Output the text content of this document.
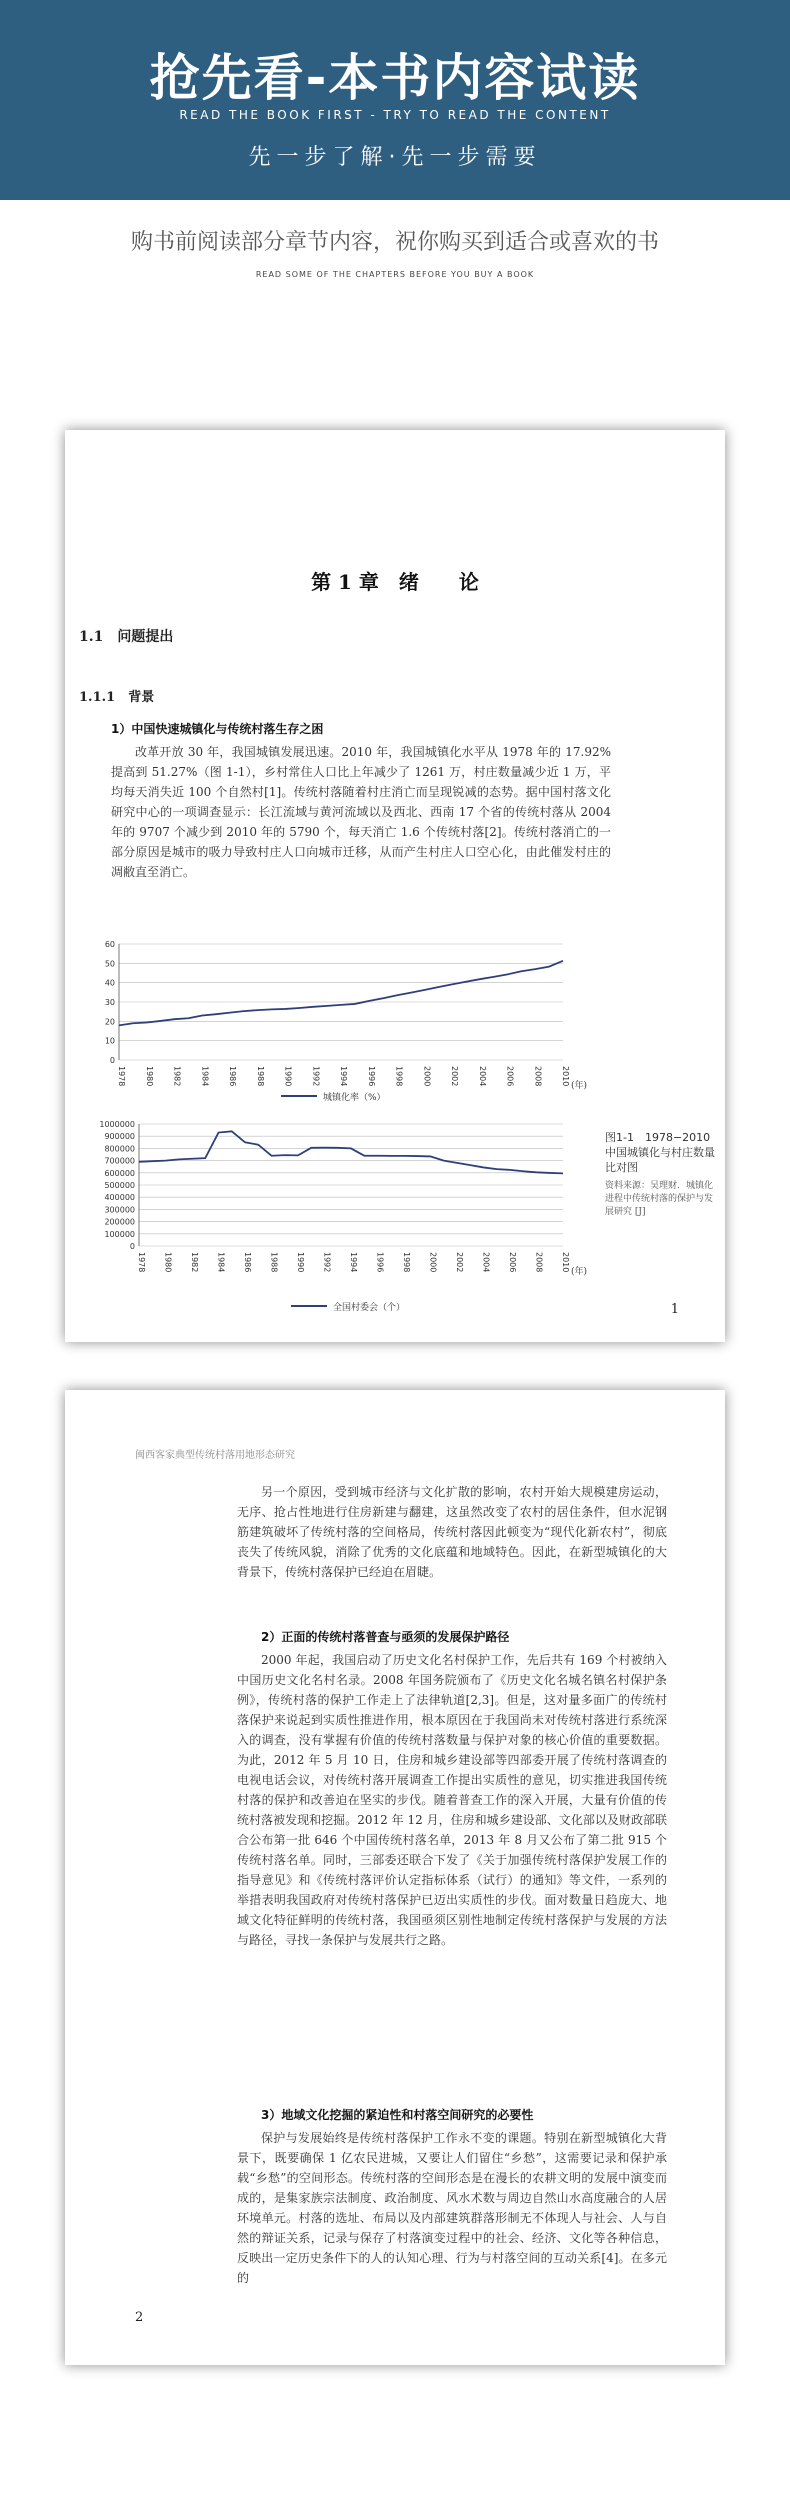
抢先看-本书内容试读
READ THE BOOK FIRST - TRY TO READ THE CONTENT
先一步了解·先一步需要
购书前阅读部分章节内容，祝你购买到适合或喜欢的书
READ SOME OF THE CHAPTERS BEFORE YOU BUY A BOOK
第 1 章　绪　　论
1.1　问题提出
1.1.1　背景
1）中国快速城镇化与传统村落生存之困
改革开放 30 年，我国城镇发展迅速。2010 年，我国城镇化水平从 1978 年的 17.92% 提高到 51.27%（图 1-1），乡村常住人口比上年减少了 1261 万，村庄数量减少近 1 万，平均每天消失近 100 个自然村[1]。传统村落随着村庄消亡而呈现锐减的态势。据中国村落文化研究中心的一项调查显示：长江流域与黄河流域以及西北、西南 17 个省的传统村落从 2004 年的 9707 个减少到 2010 年的 5790 个，每天消亡 1.6 个传统村落[2]。传统村落消亡的一部分原因是城市的吸力导致村庄人口向城市迁移，从而产生村庄人口空心化，由此催发村庄的凋敝直至消亡。
0
10
20
30
40
50
60
1978 1980 1982 1984 1986 1988 1990 1992 1994 1996 1998 2000 2002 2004 2006 2008 2010 (年)
城镇化率（%）
0
100000
200000
300000
400000
500000
600000
700000
800000
900000
1000000
1978 1980 1982 1984 1986 1988 1990 1992 1994 1996 1998 2000 2002 2004 2006 2008 2010 (年)
全国村委会（个）
图1-1　1978−2010 中国城镇化与村庄数量比对图
资料来源：吴理财．城镇化进程中传统村落的保护与发展研究 [J]
1
闽西客家典型传统村落用地形态研究
另一个原因，受到城市经济与文化扩散的影响，农村开始大规模建房运动，无序、抢占性地进行住房新建与翻建，这虽然改变了农村的居住条件，但水泥钢筋建筑破坏了传统村落的空间格局，传统村落因此顿变为“现代化新农村”，彻底丧失了传统风貌，消除了优秀的文化底蕴和地域特色。因此，在新型城镇化的大背景下，传统村落保护已经迫在眉睫。
2）正面的传统村落普查与亟须的发展保护路径
2000 年起，我国启动了历史文化名村保护工作，先后共有 169 个村被纳入中国历史文化名村名录。2008 年国务院颁布了《历史文化名城名镇名村保护条例》，传统村落的保护工作走上了法律轨道[2,3]。但是，这对量多面广的传统村落保护来说起到实质性推进作用，根本原因在于我国尚未对传统村落进行系统深入的调查，没有掌握有价值的传统村落数量与保护对象的核心价值的重要数据。为此，2012 年 5 月 10 日，住房和城乡建设部等四部委开展了传统村落调查的电视电话会议，对传统村落开展调查工作提出实质性的意见，切实推进我国传统村落的保护和改善迫在坚实的步伐。随着普查工作的深入开展，大量有价值的传统村落被发现和挖掘。2012 年 12 月，住房和城乡建设部、文化部以及财政部联合公布第一批 646 个中国传统村落名单，2013 年 8 月又公布了第二批 915 个传统村落名单。同时，三部委还联合下发了《关于加强传统村落保护发展工作的指导意见》和《传统村落评价认定指标体系（试行）的通知》等文件，一系列的举措表明我国政府对传统村落保护已迈出实质性的步伐。面对数量日趋庞大、地域文化特征鲜明的传统村落，我国亟须区别性地制定传统村落保护与发展的方法与路径，寻找一条保护与发展共行之路。
3）地域文化挖掘的紧迫性和村落空间研究的必要性
保护与发展始终是传统村落保护工作永不变的课题。特别在新型城镇化大背景下，既要确保 1 亿农民进城，又要让人们留住“乡愁”，这需要记录和保护承载“乡愁”的空间形态。传统村落的空间形态是在漫长的农耕文明的发展中演变而成的，是集家族宗法制度、政治制度、风水术数与周边自然山水高度融合的人居环境单元。村落的选址、布局以及内部建筑群落形制无不体现人与社会、人与自然的辩证关系，记录与保存了村落演变过程中的社会、经济、文化等各种信息，反映出一定历史条件下的人的认知心理、行为与村落空间的互动关系[4]。在多元的
2
